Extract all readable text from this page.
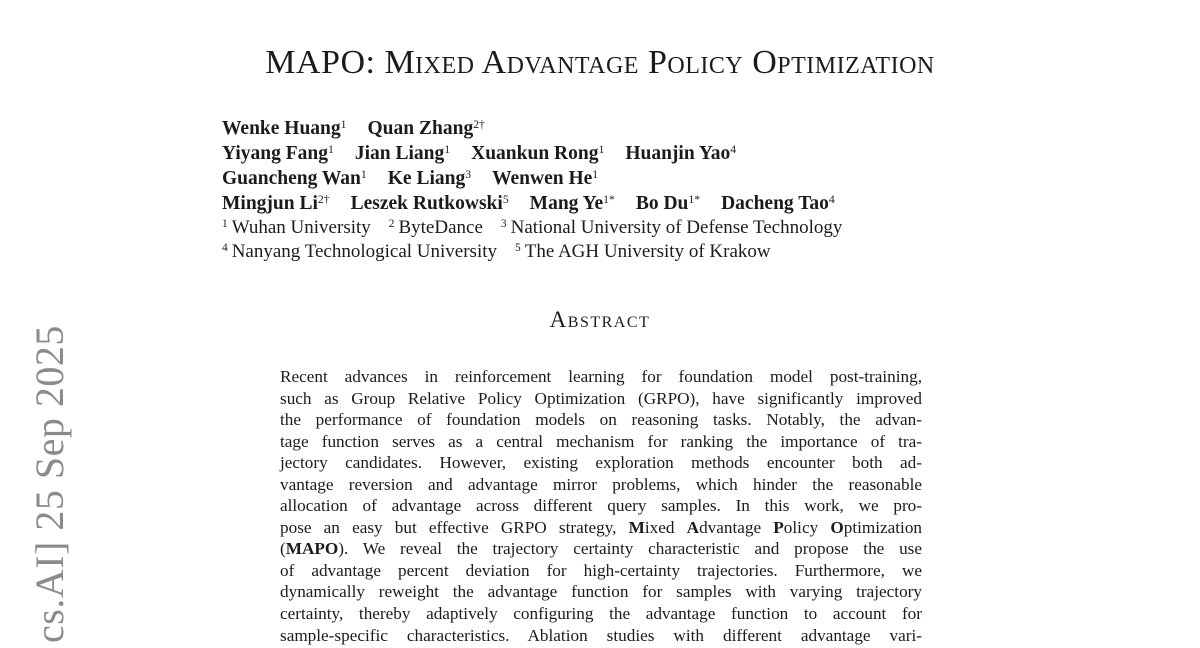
cs.AI] 25 Sep 2025
MAPO: Mixed Advantage Policy Optimization
Wenke Huang$^1$ Quan Zhang$^{2\dagger}$
Yiyang Fang$^1$ Jian Liang$^1$ Xuankun Rong$^1$ Huanjin Yao$^4$
Guancheng Wan$^1$ Ke Liang$^3$ Wenwen He$^1$
Mingjun $Li^{2\dagger}$ Leszek Rutkowski$^5$ Mang $Ye^{1*}$ Bo $Du^{1*}$ Dacheng Tao$^4$
$^1$ Wuhan University $^2$ ByteDance $^3$ National University of Defense Technology
$^4$ Nanyang Technological University $^5$ The AGH University of Krakow
Abstract
Recent advances in reinforcement learning for foundation model post-training,
such as Group Relative Policy Optimization (GRPO), have significantly improved
the performance of foundation models on reasoning tasks. Notably, the advan-
tage function serves as a central mechanism for ranking the importance of tra-
jectory candidates. However, existing exploration methods encounter both ad-
vantage reversion and advantage mirror problems, which hinder the reasonable
allocation of advantage across different query samples. In this work, we pro-
pose an easy but effective GRPO strategy, Mixed Advantage Policy Optimization
(MAPO). We reveal the trajectory certainty characteristic and propose the use
of advantage percent deviation for high-certainty trajectories. Furthermore, we
dynamically reweight the advantage function for samples with varying trajectory
certainty, thereby adaptively configuring the advantage function to account for
sample-specific characteristics. Ablation studies with different advantage vari-
